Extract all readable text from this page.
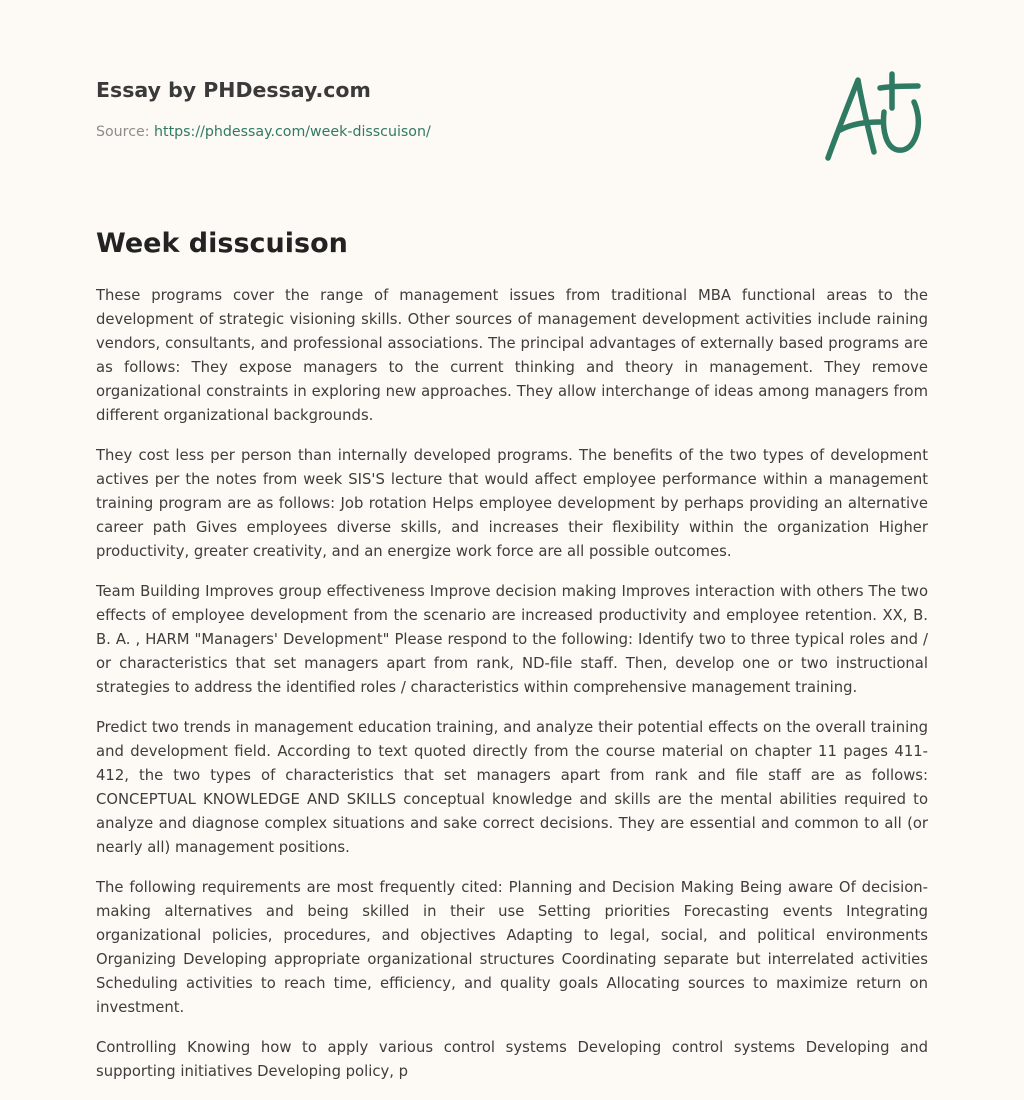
Essay by PHDessay.com
Source: https://phdessay.com/week-disscuison/
Week disscuison

These programs cover the range of management issues from traditional MBA functional areas to the development of strategic visioning skills. Other sources of management development activities include raining vendors, consultants, and professional associations. The principal advantages of externally based programs are as follows: They expose managers to the current thinking and theory in management. They remove organizational constraints in exploring new approaches. They allow interchange of ideas among managers from different organizational backgrounds.

They cost less per person than internally developed programs. The benefits of the two types of development actives per the notes from week SIS'S lecture that would affect employee performance within a management training program are as follows: Job rotation Helps employee development by perhaps providing an alternative career path Gives employees diverse skills, and increases their flexibility within the organization Higher productivity, greater creativity, and an energize work force are all possible outcomes.

Team Building Improves group effectiveness Improve decision making Improves interaction with others The two effects of employee development from the scenario are increased productivity and employee retention. XX, B. B. A. , HARM "Managers' Development" Please respond to the following: Identify two to three typical roles and / or characteristics that set managers apart from rank, ND-file staff. Then, develop one or two instructional strategies to address the identified roles / characteristics within comprehensive management training.

Predict two trends in management education training, and analyze their potential effects on the overall training and development field. According to text quoted directly from the course material on chapter 11 pages 411-412, the two types of characteristics that set managers apart from rank and file staff are as follows: CONCEPTUAL KNOWLEDGE AND SKILLS conceptual knowledge and skills are the mental abilities required to analyze and diagnose complex situations and sake correct decisions. They are essential and common to all (or nearly all) management positions.

The following requirements are most frequently cited: Planning and Decision Making Being aware Of decision-making alternatives and being skilled in their use Setting priorities Forecasting events Integrating organizational policies, procedures, and objectives Adapting to legal, social, and political environments Organizing Developing appropriate organizational structures Coordinating separate but interrelated activities Scheduling activities to reach time, efficiency, and quality goals Allocating sources to maximize return on investment.

Controlling Knowing how to apply various control systems Developing control systems Developing and supporting initiatives Developing policy, p
